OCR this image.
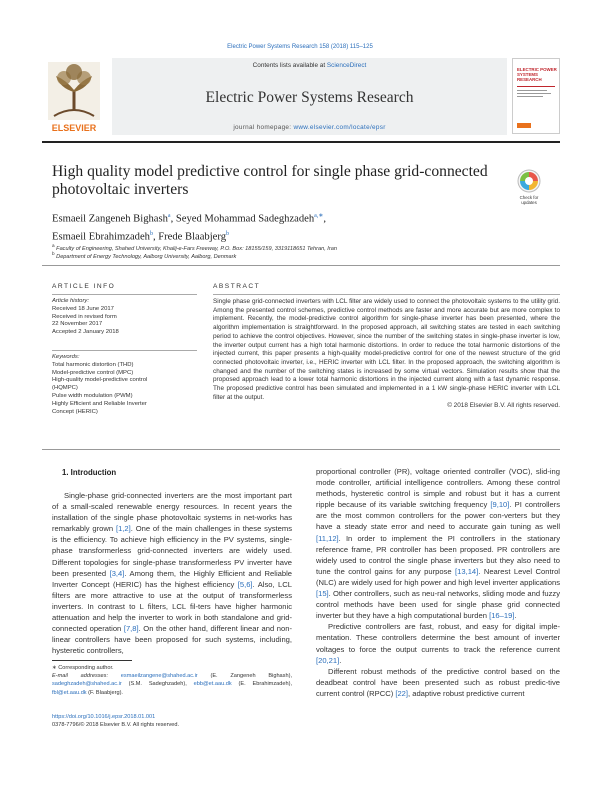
Electric Power Systems Research 158 (2018) 115–125
Contents lists available at ScienceDirect
Electric Power Systems Research
journal homepage: www.elsevier.com/locate/epsr
ELSEVIER
ELECTRIC POWER
SYSTEMS
RESEARCH
High quality model predictive control for single phase grid-connected photovoltaic inverters	Check for updates
Esmaeil Zangeneh Bighash$^a$, Seyed Mohammad Sadeghzadeh$^{a,∗}$,
Esmaeil Ebrahimzadeh$^b$, Frede Blaabjerg$^b$
$^a$ Faculty of Engineering, Shahed University, Khalij-e-Fars Freeway, P.O. Box: 18155/159, 3319118651 Tehran, Iran
$^b$ Department of Energy Technology, Aalborg University, Aalborg, Denmark
ARTICLE INFO
Article history:
Received 18 June 2017
Received in revised form
22 November 2017
Accepted 2 January 2018
Keywords:
Total harmonic distortion (THD)
Model-predictive control (MPC)
High-quality model-predictive control
(HQMPC)
Pulse width modulation (PWM)
Highly Efficient and Reliable Inverter
Concept (HERIC)
ABSTRACT
Single phase grid-connected inverters with LCL filter are widely used to connect the photovoltaic systems to the utility grid. Among the presented control schemes, predictive control methods are faster and more accurate but are more complex to implement. Recently, the model-predictive control algorithm for single-phase inverter has been presented, where the algorithm implementation is straightforward. In the proposed approach, all switching states are tested in each switching period to achieve the control objectives. However, since the number of the switching states in single-phase inverter is low, the inverter output current has a high total harmonic distortions. In order to reduce the total harmonic distortions of the injected current, this paper presents a high-quality model-predictive control for one of the newest structure of the grid connected photovoltaic inverter, i.e., HERIC inverter with LCL filter. In the proposed approach, the switching algorithm is changed and the number of the switching states is increased by some virtual vectors. Simulation results show that the proposed approach lead to a lower total harmonic distortions in the injected current along with a fast dynamic response. The proposed predictive control has been simulated and implemented in a 1 kW single-phase HERIC inverter with LCL filter at the output.
© 2018 Elsevier B.V. All rights reserved.
1. Introduction

Single-phase grid-connected inverters are the most important part of a small-scaled renewable energy resources. In recent years the installation of the single phase photovoltaic systems in net-works has remarkably grown [1,2]. One of the main challenges in these systems is the efficiency. To achieve high efficiency in the PV systems, single-phase transformerless grid-connected inverters are widely used. Different topologies for single-phase transformerless PV inverter have been presented [3,4]. Among them, the Highly Efficient and Reliable Inverter Concept (HERIC) has the highest efficiency [5,6]. Also, LCL filters are more attractive to use at the output of transformerless inverters. In contrast to L filters, LCL fil-ters have higher harmonic attenuation and help the inverter to work in both standalone and grid-connected operation [7,8]. On the other hand, different linear and non-linear controllers have been proposed for such systems, including, hysteretic controllers,

proportional controller (PR), voltage oriented controller (VOC), slid-ing mode controller, artificial intelligence controllers. Among these control methods, hysteretic control is simple and robust but it has a current ripple because of its variable switching frequency [9,10]. PI controllers are the most common controllers for the power con-verters but they have a steady state error and need to accurate gain tuning as well [11,12]. In order to implement the PI controllers in the stationary reference frame, PR controller has been proposed. PR controllers are widely used to control the single phase inverters but they also need to tune the control gains for any purpose [13,14]. Nearest Level Control (NLC) are widely used for high power and high level inverter applications [15]. Other controllers, such as neu-ral networks, sliding mode and fuzzy control methods have been used for single phase grid connected inverter but they have a high computational burden [16–19].

Predictive controllers are fast, robust, and easy for digital imple-mentation. These controllers determine the best amount of inverter voltages to force the output currents to track the reference current [20,21].

Different robust methods of the predictive control based on the deadbeat control have been presented such as robust predic-tive current control (RPCC) [22], adaptive robust predictive current

∗ Corresponding author.
E-mail addresses: esmaeilzangene@shahed.ac.ir (E. Zangeneh Bighash), sadeghzadeh@shahed.ac.ir (S.M. Sadeghzadeh), ebb@et.aau.dk (E. Ebrahimzadeh), fbl@et.aau.dk (F. Blaabjerg).
https://doi.org/10.1016/j.epsr.2018.01.001
0378-7796/© 2018 Elsevier B.V. All rights reserved.
